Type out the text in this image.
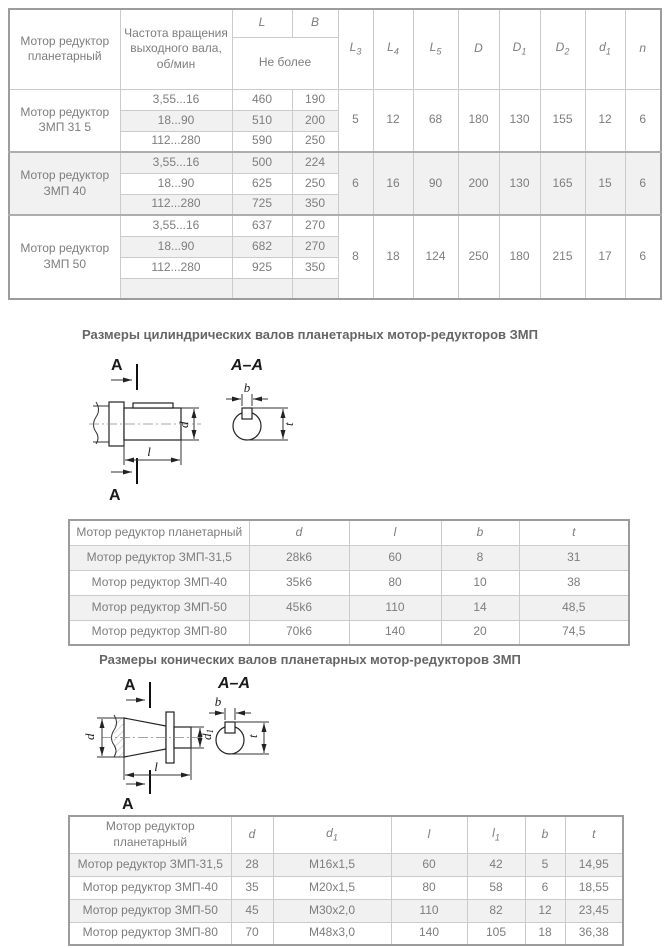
Мотор редуктор планетарный	Частота вращения выходного вала, об/мин	L	B	$L_3$	$L_4$	$L_5$	D	$D_1$	$D_2$	$d_1$	n
		Не более									
Мотор редуктор ЗМП 31 5	3,55...16	460	190	5	12	68	180	130	155	12	6
	18...90	510	200								
	112...280	590	250								
Мотор редуктор ЗМП 40	3,55...16	500	224	6	16	90	200	130	165	15	6
	18...90	625	250								
	112...280	725	350								
Мотор редуктор ЗМП 50	3,55...16	637	270	8	18	124	250	180	215	17	6
	18...90	682	270								
	112...280	925	350								

Размеры цилиндрических валов планетарных мотор-редукторов ЗМП
A
A
d
l
A–A
b
t
Мотор редуктор планетарный	d	l	b	t
Мотор редуктор ЗМП-31,5	28k6	60	8	31
Мотор редуктор ЗМП-40	35k6	80	10	38
Мотор редуктор ЗМП-50	45k6	110	14	48,5
Мотор редуктор ЗМП-80	70k6	140	20	74,5
Размеры конических валов планетарных мотор-редукторов ЗМП
A
A
d	d1
l
A–A
b
t
Мотор редуктор планетарный	d	$d_1$	l	$l_1$	b	t
Мотор редуктор ЗМП-31,5	28	М16х1,5	60	42	5	14,95
Мотор редуктор ЗМП-40	35	М20х1,5	80	58	6	18,55
Мотор редуктор ЗМП-50	45	М30х2,0	110	82	12	23,45
Мотор редуктор ЗМП-80	70	М48х3,0	140	105	18	36,38
